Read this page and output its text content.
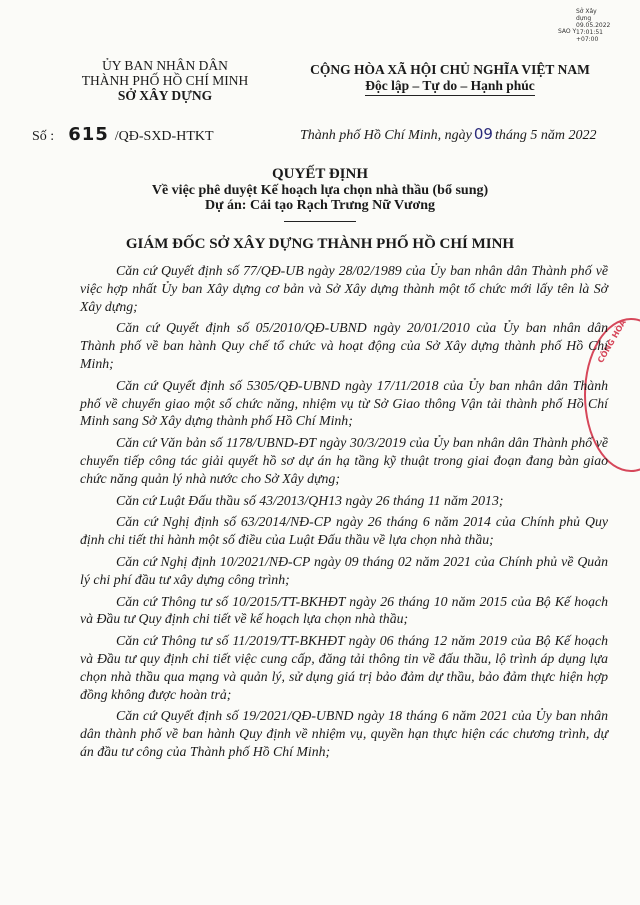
SAO Y
Sở Xây
dựng
09.05.2022
17:01:51
+07:00
ỦY BAN NHÂN DÂN
THÀNH PHỐ HỒ CHÍ MINH
SỞ XÂY DỰNG
CỘNG HÒA XÃ HỘI CHỦ NGHĨA VIỆT NAM
Độc lập – Tự do – Hạnh phúc
Số : 615 /QĐ-SXD-HTKT	Thành phố Hồ Chí Minh, ngày 09 tháng 5 năm 2022
QUYẾT ĐỊNH
Về việc phê duyệt Kế hoạch lựa chọn nhà thầu (bổ sung)
Dự án: Cải tạo Rạch Trưng Nữ Vương
GIÁM ĐỐC SỞ XÂY DỰNG THÀNH PHỐ HỒ CHÍ MINH
CÔNG HÒA

Căn cứ Quyết định số 77/QĐ-UB ngày 28/02/1989 của Ủy ban nhân dân Thành phố về việc hợp nhất Ủy ban Xây dựng cơ bản và Sở Xây dựng thành một tổ chức mới lấy tên là Sở Xây dựng;

Căn cứ Quyết định số 05/2010/QĐ-UBND ngày 20/01/2010 của Ủy ban nhân dân Thành phố về ban hành Quy chế tổ chức và hoạt động của Sở Xây dựng thành phố Hồ Chí Minh;

Căn cứ Quyết định số 5305/QĐ-UBND ngày 17/11/2018 của Ủy ban nhân dân Thành phố về chuyển giao một số chức năng, nhiệm vụ từ Sở Giao thông Vận tải thành phố Hồ Chí Minh sang Sở Xây dựng thành phố Hồ Chí Minh;

Căn cứ Văn bản số 1178/UBND-ĐT ngày 30/3/2019 của Ủy ban nhân dân Thành phố về chuyển tiếp công tác giải quyết hồ sơ dự án hạ tầng kỹ thuật trong giai đoạn đang bàn giao chức năng quản lý nhà nước cho Sở Xây dựng;

Căn cứ Luật Đấu thầu số 43/2013/QH13 ngày 26 tháng 11 năm 2013;

Căn cứ Nghị định số 63/2014/NĐ-CP ngày 26 tháng 6 năm 2014 của Chính phủ Quy định chi tiết thi hành một số điều của Luật Đấu thầu về lựa chọn nhà thầu;

Căn cứ Nghị định 10/2021/NĐ-CP ngày 09 tháng 02 năm 2021 của Chính phủ về Quản lý chi phí đầu tư xây dựng công trình;

Căn cứ Thông tư số 10/2015/TT-BKHĐT ngày 26 tháng 10 năm 2015 của Bộ Kế hoạch và Đầu tư Quy định chi tiết về kế hoạch lựa chọn nhà thầu;

Căn cứ Thông tư số 11/2019/TT-BKHĐT ngày 06 tháng 12 năm 2019 của Bộ Kế hoạch và Đầu tư quy định chi tiết việc cung cấp, đăng tải thông tin về đấu thầu, lộ trình áp dụng lựa chọn nhà thầu qua mạng và quản lý, sử dụng giá trị bảo đảm dự thầu, bảo đảm thực hiện hợp đồng không được hoàn trả;

Căn cứ Quyết định số 19/2021/QĐ-UBND ngày 18 tháng 6 năm 2021 của Ủy ban nhân dân thành phố về ban hành Quy định về nhiệm vụ, quyền hạn thực hiện các chương trình, dự án đầu tư công của Thành phố Hồ Chí Minh;
